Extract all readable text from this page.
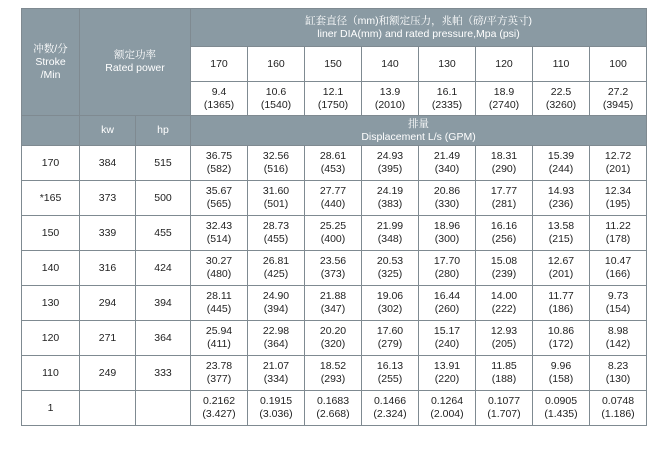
冲数/分
Stroke
/Min	额定功率
Rated power		缸套直径（mm)和额定压力，兆帕（磅/平方英寸)
liner DIA(mm) and rated pressure,Mpa (psi)							

			170	160	150	140	130	120	110	100

			9.4
(1365)	10.6
(1540)	12.1
(1750)	13.9
(2010)	16.1
(2335)	18.9
(2740)	22.5
(3260)	27.2
(3945)

	kw	hp	排量
Displacement L/s (GPM)							

170	384	515	36.75
(582)	32.56
(516)	28.61
(453)	24.93
(395)	21.49
(340)	18.31
(290)	15.39
(244)	12.72
(201)

*165	373	500	35.67
(565)	31.60
(501)	27.77
(440)	24.19
(383)	20.86
(330)	17.77
(281)	14.93
(236)	12.34
(195)

150	339	455	32.43
(514)	28.73
(455)	25.25
(400)	21.99
(348)	18.96
(300)	16.16
(256)	13.58
(215)	11.22
(178)

140	316	424	30.27
(480)	26.81
(425)	23.56
(373)	20.53
(325)	17.70
(280)	15.08
(239)	12.67
(201)	10.47
(166)

130	294	394	28.11
(445)	24.90
(394)	21.88
(347)	19.06
(302)	16.44
(260)	14.00
(222)	11.77
(186)	9.73
(154)

120	271	364	25.94
(411)	22.98
(364)	20.20
(320)	17.60
(279)	15.17
(240)	12.93
(205)	10.86
(172)	8.98
(142)

110	249	333	23.78
(377)	21.07
(334)	18.52
(293)	16.13
(255)	13.91
(220)	11.85
(188)	9.96
(158)	8.23
(130)

1			0.2162
(3.427)	0.1915
(3.036)	0.1683
(2.668)	0.1466
(2.324)	0.1264
(2.004)	0.1077
(1.707)	0.0905
(1.435)	0.0748
(1.186)
